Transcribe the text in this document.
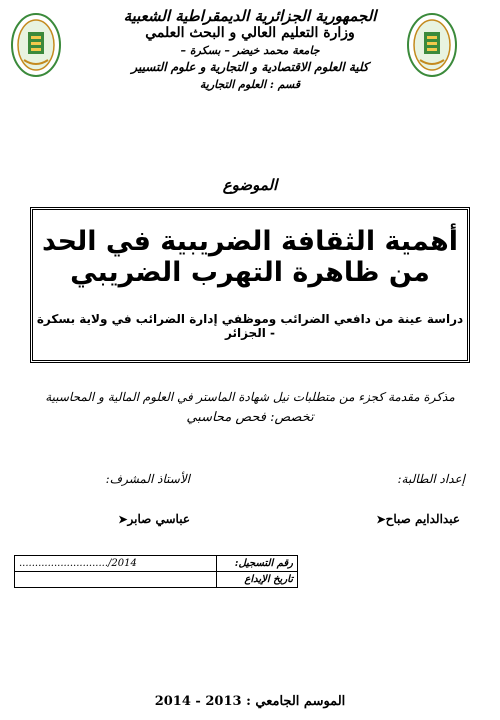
الجمهورية الجزائرية الديمقراطية الشعبية
وزارة التعليم العالي و البحث العلمي
جامعة محمد خيضر – بسكرة –
كلية العلوم الاقتصادية و التجارية و علوم التسيير
قسم : العلوم التجارية
الموضوع
أهمية الثقافة الضريبية في الحد من ظاهرة التهرب الضريبي
دراسة عينة من دافعي الضرائب وموظفي إدارة الضرائب في ولاية بسكرة - الجزائر
مذكرة مقدمة كجزء من متطلبات نيل شهادة الماستر في العلوم المالية و المحاسبية
تخصص: فحص محاسبي
إعداد الطالبة:
الأستاذ المشرف:
عبدالدايم صباح➤
عباسي صابر➤
............................/2014	رقم التسجيل:
	تاريخ الإيداع
الموسم الجامعي : 2013 - 2014
